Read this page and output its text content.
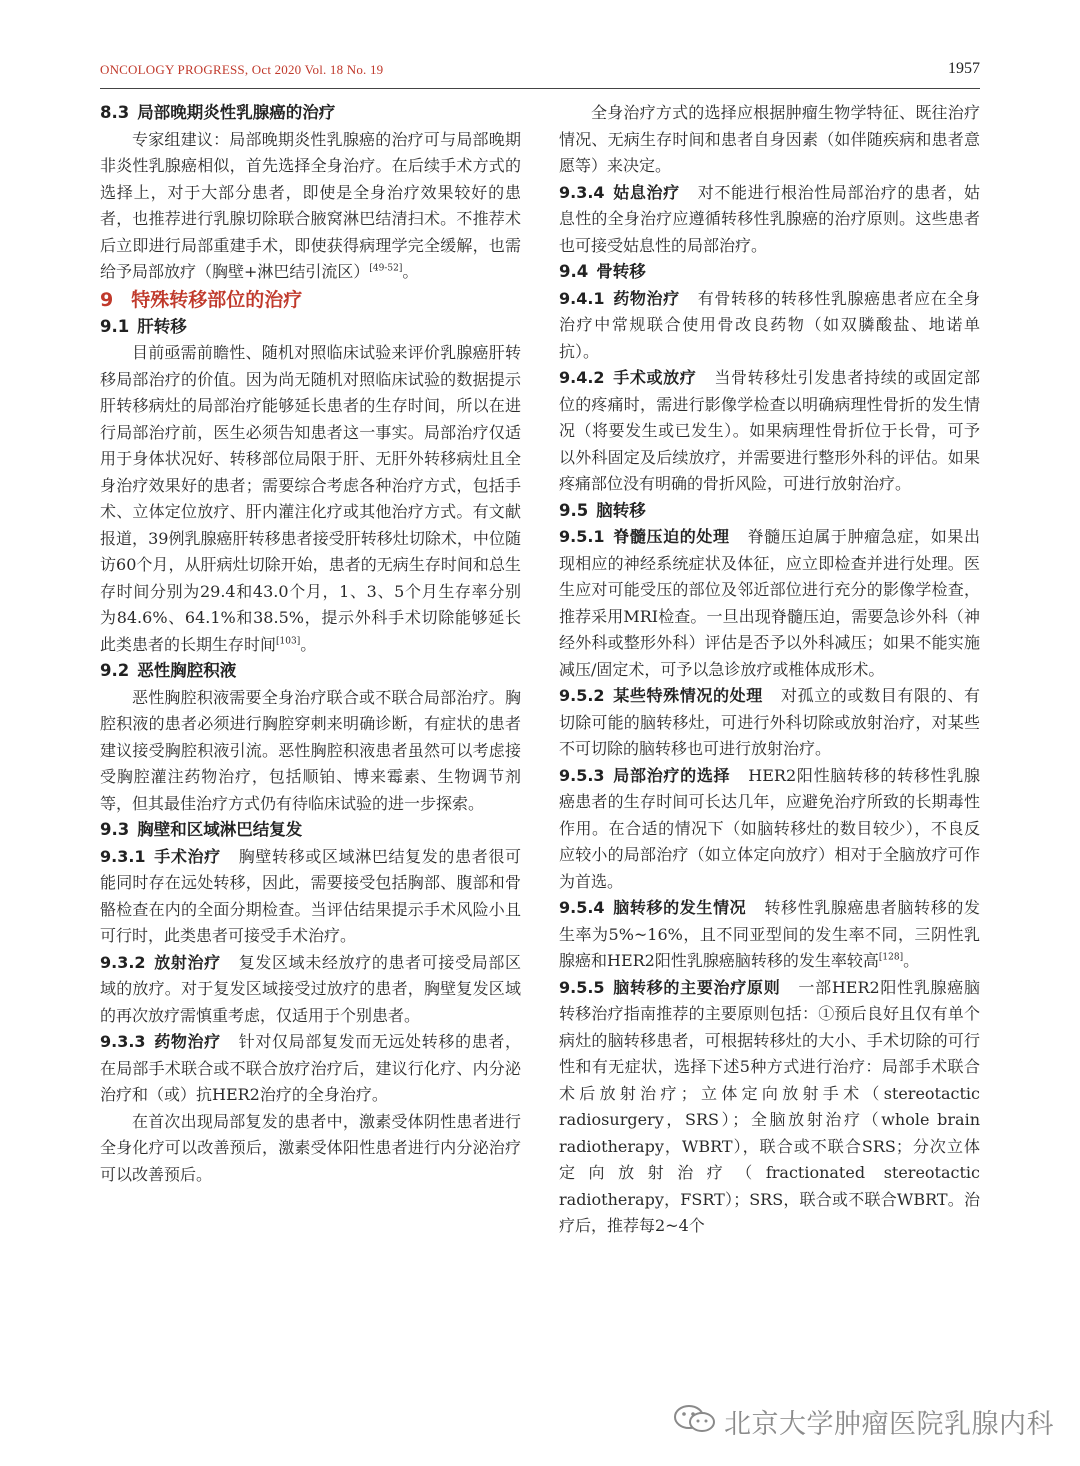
ONCOLOGY PROGRESS, Oct 2020 Vol. 18 No. 19	1957

8.3 局部晚期炎性乳腺癌的治疗

专家组建议：局部晚期炎性乳腺癌的治疗可与局部晚期非炎性乳腺癌相似，首先选择全身治疗。在后续手术方式的选择上，对于大部分患者，即使是全身治疗效果较好的患者，也推荐进行乳腺切除联合腋窝淋巴结清扫术。不推荐术后立即进行局部重建手术，即使获得病理学完全缓解，也需给予局部放疗（胸壁+淋巴结引流区）[49-52]。

9 特殊转移部位的治疗

9.1 肝转移

目前亟需前瞻性、随机对照临床试验来评价乳腺癌肝转移局部治疗的价值。因为尚无随机对照临床试验的数据提示肝转移病灶的局部治疗能够延长患者的生存时间，所以在进行局部治疗前，医生必须告知患者这一事实。局部治疗仅适用于身体状况好、转移部位局限于肝、无肝外转移病灶且全身治疗效果好的患者；需要综合考虑各种治疗方式，包括手术、立体定位放疗、肝内灌注化疗或其他治疗方式。有文献报道，39例乳腺癌肝转移患者接受肝转移灶切除术，中位随访60个月，从肝病灶切除开始，患者的无病生存时间和总生存时间分别为29.4和43.0个月，1、3、5个月生存率分别为84.6%、64.1%和38.5%，提示外科手术切除能够延长此类患者的长期生存时间[103]。

9.2 恶性胸腔积液

恶性胸腔积液需要全身治疗联合或不联合局部治疗。胸腔积液的患者必须进行胸腔穿刺来明确诊断，有症状的患者建议接受胸腔积液引流。恶性胸腔积液患者虽然可以考虑接受胸腔灌注药物治疗，包括顺铂、博来霉素、生物调节剂等，但其最佳治疗方式仍有待临床试验的进一步探索。

9.3 胸壁和区域淋巴结复发

9.3.1 手术治疗 胸壁转移或区域淋巴结复发的患者很可能同时存在远处转移，因此，需要接受包括胸部、腹部和骨骼检查在内的全面分期检查。当评估结果提示手术风险小且可行时，此类患者可接受手术治疗。

9.3.2 放射治疗 复发区域未经放疗的患者可接受局部区域的放疗。对于复发区域接受过放疗的患者，胸壁复发区域的再次放疗需慎重考虑，仅适用于个别患者。

9.3.3 药物治疗 针对仅局部复发而无远处转移的患者，在局部手术联合或不联合放疗治疗后，建议行化疗、内分泌治疗和（或）抗HER2治疗的全身治疗。

在首次出现局部复发的患者中，激素受体阴性患者进行全身化疗可以改善预后，激素受体阳性患者进行内分泌治疗可以改善预后。

全身治疗方式的选择应根据肿瘤生物学特征、既往治疗情况、无病生存时间和患者自身因素（如伴随疾病和患者意愿等）来决定。

9.3.4 姑息治疗 对不能进行根治性局部治疗的患者，姑息性的全身治疗应遵循转移性乳腺癌的治疗原则。这些患者也可接受姑息性的局部治疗。

9.4 骨转移

9.4.1 药物治疗 有骨转移的转移性乳腺癌患者应在全身治疗中常规联合使用骨改良药物（如双膦酸盐、地诺单抗）。

9.4.2 手术或放疗 当骨转移灶引发患者持续的或固定部位的疼痛时，需进行影像学检查以明确病理性骨折的发生情况（将要发生或已发生）。如果病理性骨折位于长骨，可予以外科固定及后续放疗，并需要进行整形外科的评估。如果疼痛部位没有明确的骨折风险，可进行放射治疗。

9.5 脑转移

9.5.1 脊髓压迫的处理 脊髓压迫属于肿瘤急症，如果出现相应的神经系统症状及体征，应立即检查并进行处理。医生应对可能受压的部位及邻近部位进行充分的影像学检查，推荐采用MRI检查。一旦出现脊髓压迫，需要急诊外科（神经外科或整形外科）评估是否予以外科减压；如果不能实施减压/固定术，可予以急诊放疗或椎体成形术。

9.5.2 某些特殊情况的处理 对孤立的或数目有限的、有切除可能的脑转移灶，可进行外科切除或放射治疗，对某些不可切除的脑转移也可进行放射治疗。

9.5.3 局部治疗的选择 HER2阳性脑转移的转移性乳腺癌患者的生存时间可长达几年，应避免治疗所致的长期毒性作用。在合适的情况下（如脑转移灶的数目较少），不良反应较小的局部治疗（如立体定向放疗）相对于全脑放疗可作为首选。

9.5.4 脑转移的发生情况 转移性乳腺癌患者脑转移的发生率为5%~16%，且不同亚型间的发生率不同，三阴性乳腺癌和HER2阳性乳腺癌脑转移的发生率较高[128]。

9.5.5 脑转移的主要治疗原则 一部HER2阳性乳腺癌脑转移治疗指南推荐的主要原则包括：①预后良好且仅有单个病灶的脑转移患者，可根据转移灶的大小、手术切除的可行性和有无症状，选择下述5种方式进行治疗：局部手术联合术后放射治疗；立体定向放射手术（stereotactic radiosurgery，SRS）；全脑放射治疗（whole brain radiotherapy，WBRT），联合或不联合SRS；分次立体定向放射治疗（fractionated stereotactic radiotherapy，FSRT）；SRS，联合或不联合WBRT。治疗后，推荐每2~4个

北京大学肿瘤医院乳腺内科
